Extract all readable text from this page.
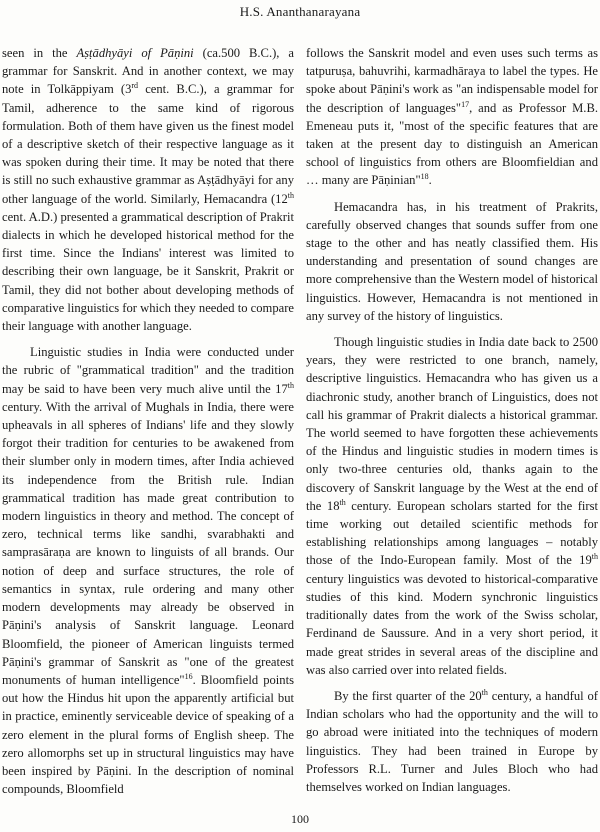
H.S. Ananthanarayana

seen in the Aṣṭādhyāyi of Pāṇini (ca.500 B.C.), a grammar for Sanskrit. And in another context, we may note in Tolkāppiyam (3rd cent. B.C.), a grammar for Tamil, adherence to the same kind of rigorous formulation. Both of them have given us the finest model of a descriptive sketch of their respective language as it was spoken during their time. It may be noted that there is still no such exhaustive grammar as Aṣṭādhyāyi for any other language of the world. Similarly, Hemacandra (12th cent. A.D.) presented a grammatical description of Prakrit dialects in which he developed historical method for the first time. Since the Indians' interest was limited to describing their own language, be it Sanskrit, Prakrit or Tamil, they did not bother about developing methods of comparative linguistics for which they needed to compare their language with another language.

Linguistic studies in India were conducted under the rubric of "grammatical tradition" and the tradition may be said to have been very much alive until the 17th century. With the arrival of Mughals in India, there were upheavals in all spheres of Indians' life and they slowly forgot their tradition for centuries to be awakened from their slumber only in modern times, after India achieved its independence from the British rule. Indian grammatical tradition has made great contribution to modern linguistics in theory and method. The concept of zero, technical terms like sandhi, svarabhakti and samprasāraṇa are known to linguists of all brands. Our notion of deep and surface structures, the role of semantics in syntax, rule ordering and many other modern developments may already be observed in Pāṇini's analysis of Sanskrit language. Leonard Bloomfield, the pioneer of American linguists termed Pāṇini's grammar of Sanskrit as "one of the greatest monuments of human intelligence"$^{16}$. Bloomfield points out how the Hindus hit upon the apparently artificial but in practice, eminently serviceable device of speaking of a zero element in the plural forms of English sheep. The zero allomorphs set up in structural linguistics may have been inspired by Pāṇini. In the description of nominal compounds, Bloomfield

follows the Sanskrit model and even uses such terms as tatpuruṣa, bahuvrihi, karmadhāraya to label the types. He spoke about Pāṇini's work as "an indispensable model for the description of languages"$^{17}$, and as Professor M.B. Emeneau puts it, "most of the specific features that are taken at the present day to distinguish an American school of linguistics from others are Bloomfieldian and … many are Pāṇinian"$^{18}$.

Hemacandra has, in his treatment of Prakrits, carefully observed changes that sounds suffer from one stage to the other and has neatly classified them. His understanding and presentation of sound changes are more comprehensive than the Western model of historical linguistics. However, Hemacandra is not mentioned in any survey of the history of linguistics.

Though linguistic studies in India date back to 2500 years, they were restricted to one branch, namely, descriptive linguistics. Hemacandra who has given us a diachronic study, another branch of Linguistics, does not call his grammar of Prakrit dialects a historical grammar. The world seemed to have forgotten these achievements of the Hindus and linguistic studies in modern times is only two-three centuries old, thanks again to the discovery of Sanskrit language by the West at the end of the 18th century. European scholars started for the first time working out detailed scientific methods for establishing relationships among languages – notably those of the Indo-European family. Most of the 19th century linguistics was devoted to historical-comparative studies of this kind. Modern synchronic linguistics traditionally dates from the work of the Swiss scholar, Ferdinand de Saussure. And in a very short period, it made great strides in several areas of the discipline and was also carried over into related fields.

By the first quarter of the 20th century, a handful of Indian scholars who had the opportunity and the will to go abroad were initiated into the techniques of modern linguistics. They had been trained in Europe by Professors R.L. Turner and Jules Bloch who had themselves worked on Indian languages.

100
